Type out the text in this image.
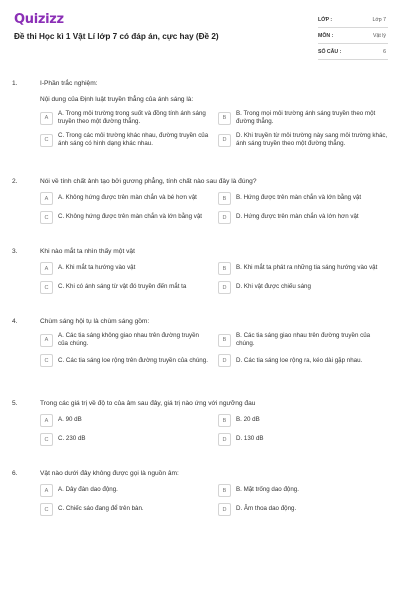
Quizizz
Đề thi Học kì 1 Vật Lí lớp 7 có đáp án, cực hay (Đề 2)
LỚP :	Lớp 7
MÔN :	Vật lý
SỐ CÂU :	6
1.	I-Phần trắc nghiệm:
Nội dung của Định luật truyền thẳng của ánh sáng là:
A
A. Trong môi trường trong suốt và đồng tính ánh sáng truyền theo một đường thẳng.	B
B. Trong mọi môi trường ánh sáng truyền theo một đường thẳng.
C
C. Trong các môi trường khác nhau, đường truyền của ánh sáng có hình dạng khác nhau.	D
D. Khi truyền từ môi trường này sang môi trường khác, ánh sáng truyền theo một đường thẳng.
2.	Nói về tính chất ảnh tạo bởi gương phẳng, tính chất nào sau đây là đúng?
A	A. Không hứng được trên màn chắn và bé hơn vật	B	B. Hứng được trên màn chắn và lớn bằng vật
C	C. Không hứng được trên màn chắn và lớn bằng vật	D	D. Hứng được trên màn chắn và lớn hơn vật
3.	Khi nào mắt ta nhìn thấy một vật
A	A. Khi mắt ta hướng vào vật	B	B. Khi mắt ta phát ra những tia sáng hướng vào vật
C	C. Khi có ánh sáng từ vật đó truyền đến mắt ta	D	D. Khi vật được chiếu sáng
4.	Chùm sáng hội tụ là chùm sáng gồm:
A
A. Các tia sáng không giao nhau trên đường truyền của chúng.	B
B. Các tia sáng giao nhau trên đường truyền của chúng.
C	C. Các tia sáng loe rộng trên đường truyền của chúng.	D	D. Các tia sáng loe rộng ra, kéo dài gặp nhau.
5.	Trong các giá trị về độ to của âm sau đây, giá trị nào ứng với ngưỡng đau
A	A. 90 dB	B	B. 20 dB
C	C. 230 dB	D	D. 130 dB
6.	Vật nào dưới đây không được gọi là nguồn âm:
A	A. Dây đàn dao động.	B	B. Mặt trống dao động.
C	C. Chiếc sáo đang để trên bàn.	D	D. Âm thoa dao động.
